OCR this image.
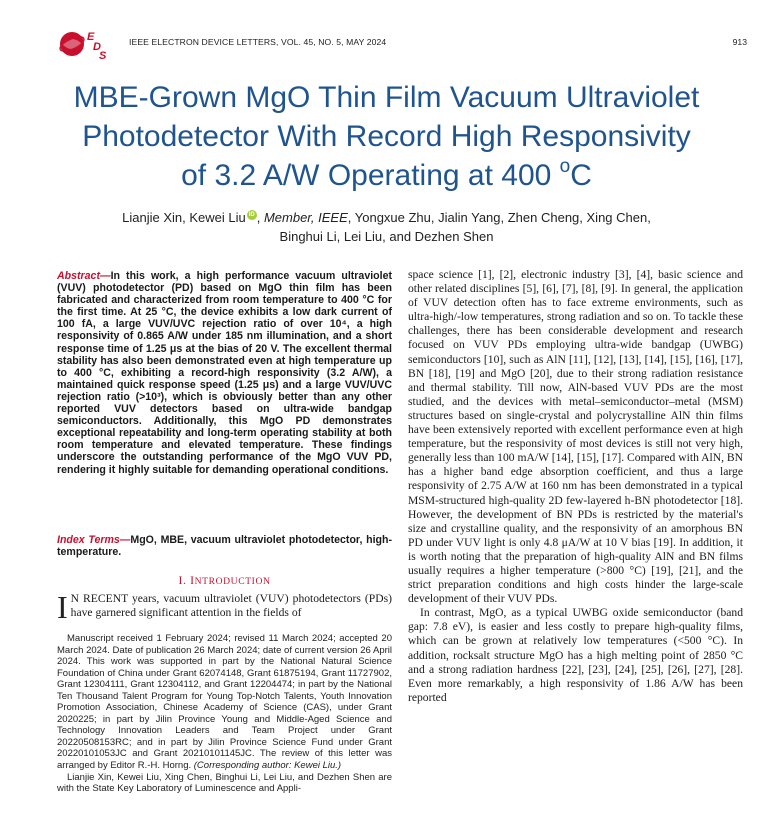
E
D
S
IEEE ELECTRON DEVICE LETTERS, VOL. 45, NO. 5, MAY 2024	913
MBE-Grown MgO Thin Film Vacuum Ultraviolet
Photodetector With Record High Responsivity
of 3.2 A/W Operating at 400 $^o$C
Lianjie Xin, Kewei Liu iD , Member, IEEE, Yongxue Zhu, Jialin Yang, Zhen Cheng, Xing Chen,
Binghui Li, Lei Liu, and Dezhen Shen
Abstract—In this work, a high performance vacuum ultraviolet (VUV) photodetector (PD) based on MgO thin film has been fabricated and characterized from room temperature to 400 °C for the first time. At 25 °C, the device exhibits a low dark current of 100 fA, a large VUV/UVC rejection ratio of over 10⁴, a high responsivity of 0.865 A/W under 185 nm illumination, and a short response time of 1.25 μs at the bias of 20 V. The excellent thermal stability has also been demonstrated even at high temperature up to 400 °C, exhibiting a record-high responsivity (3.2 A/W), a maintained quick response speed (1.25 μs) and a large VUV/UVC rejection ratio (>10³), which is obviously better than any other reported VUV detectors based on ultra-wide bandgap semiconductors. Additionally, this MgO PD demonstrates exceptional repeatability and long-term operating stability at both room temperature and elevated temperature. These findings underscore the outstanding performance of the MgO VUV PD, rendering it highly suitable for demanding operational conditions.
Index Terms—MgO, MBE, vacuum ultraviolet photodetector, high-temperature.
I. INTRODUCTION
I N RECENT years, vacuum ultraviolet (VUV) photodetectors (PDs) have garnered significant attention in the fields of

Manuscript received 1 February 2024; revised 11 March 2024; accepted 20 March 2024. Date of publication 26 March 2024; date of current version 26 April 2024. This work was supported in part by the National Natural Science Foundation of China under Grant 62074148, Grant 61875194, Grant 11727902, Grant 12304111, Grant 12304112, and Grant 12204474; in part by the National Ten Thousand Talent Program for Young Top-Notch Talents, Youth Innovation Promotion Association, Chinese Academy of Science (CAS), under Grant 2020225; in part by Jilin Province Young and Middle-Aged Science and Technology Innovation Leaders and Team Project under Grant 20220508153RC; and in part by Jilin Province Science Fund under Grant 20220101053JC and Grant 20210101145JC. The review of this letter was arranged by Editor R.-H. Horng. (Corresponding author: Kewei Liu.)

Lianjie Xin, Kewei Liu, Xing Chen, Binghui Li, Lei Liu, and Dezhen Shen are with the State Key Laboratory of Luminescence and Appli-

space science [1], [2], electronic industry [3], [4], basic science and other related disciplines [5], [6], [7], [8], [9]. In general, the application of VUV detection often has to face extreme environments, such as ultra-high/-low temperatures, strong radiation and so on. To tackle these challenges, there has been considerable development and research focused on VUV PDs employing ultra-wide bandgap (UWBG) semiconductors [10], such as AlN [11], [12], [13], [14], [15], [16], [17], BN [18], [19] and MgO [20], due to their strong radiation resistance and thermal stability. Till now, AlN-based VUV PDs are the most studied, and the devices with metal–semiconductor–metal (MSM) structures based on single-crystal and polycrystalline AlN thin films have been extensively reported with excellent performance even at high temperature, but the responsivity of most devices is still not very high, generally less than 100 mA/W [14], [15], [17]. Compared with AlN, BN has a higher band edge absorption coefficient, and thus a large responsivity of 2.75 A/W at 160 nm has been demonstrated in a typical MSM-structured high-quality 2D few-layered h-BN photodetector [18]. However, the development of BN PDs is restricted by the material's size and crystalline quality, and the responsivity of an amorphous BN PD under VUV light is only 4.8 μA/W at 10 V bias [19]. In addition, it is worth noting that the preparation of high-quality AlN and BN films usually requires a higher temperature (>800 °C) [19], [21], and the strict preparation conditions and high costs hinder the large-scale development of their VUV PDs.

In contrast, MgO, as a typical UWBG oxide semiconductor (band gap: 7.8 eV), is easier and less costly to prepare high-quality films, which can be grown at relatively low temperatures (<500 °C). In addition, rocksalt structure MgO has a high melting point of 2850 °C and a strong radiation hardness [22], [23], [24], [25], [26], [27], [28]. Even more remarkably, a high responsivity of 1.86 A/W has been reported
